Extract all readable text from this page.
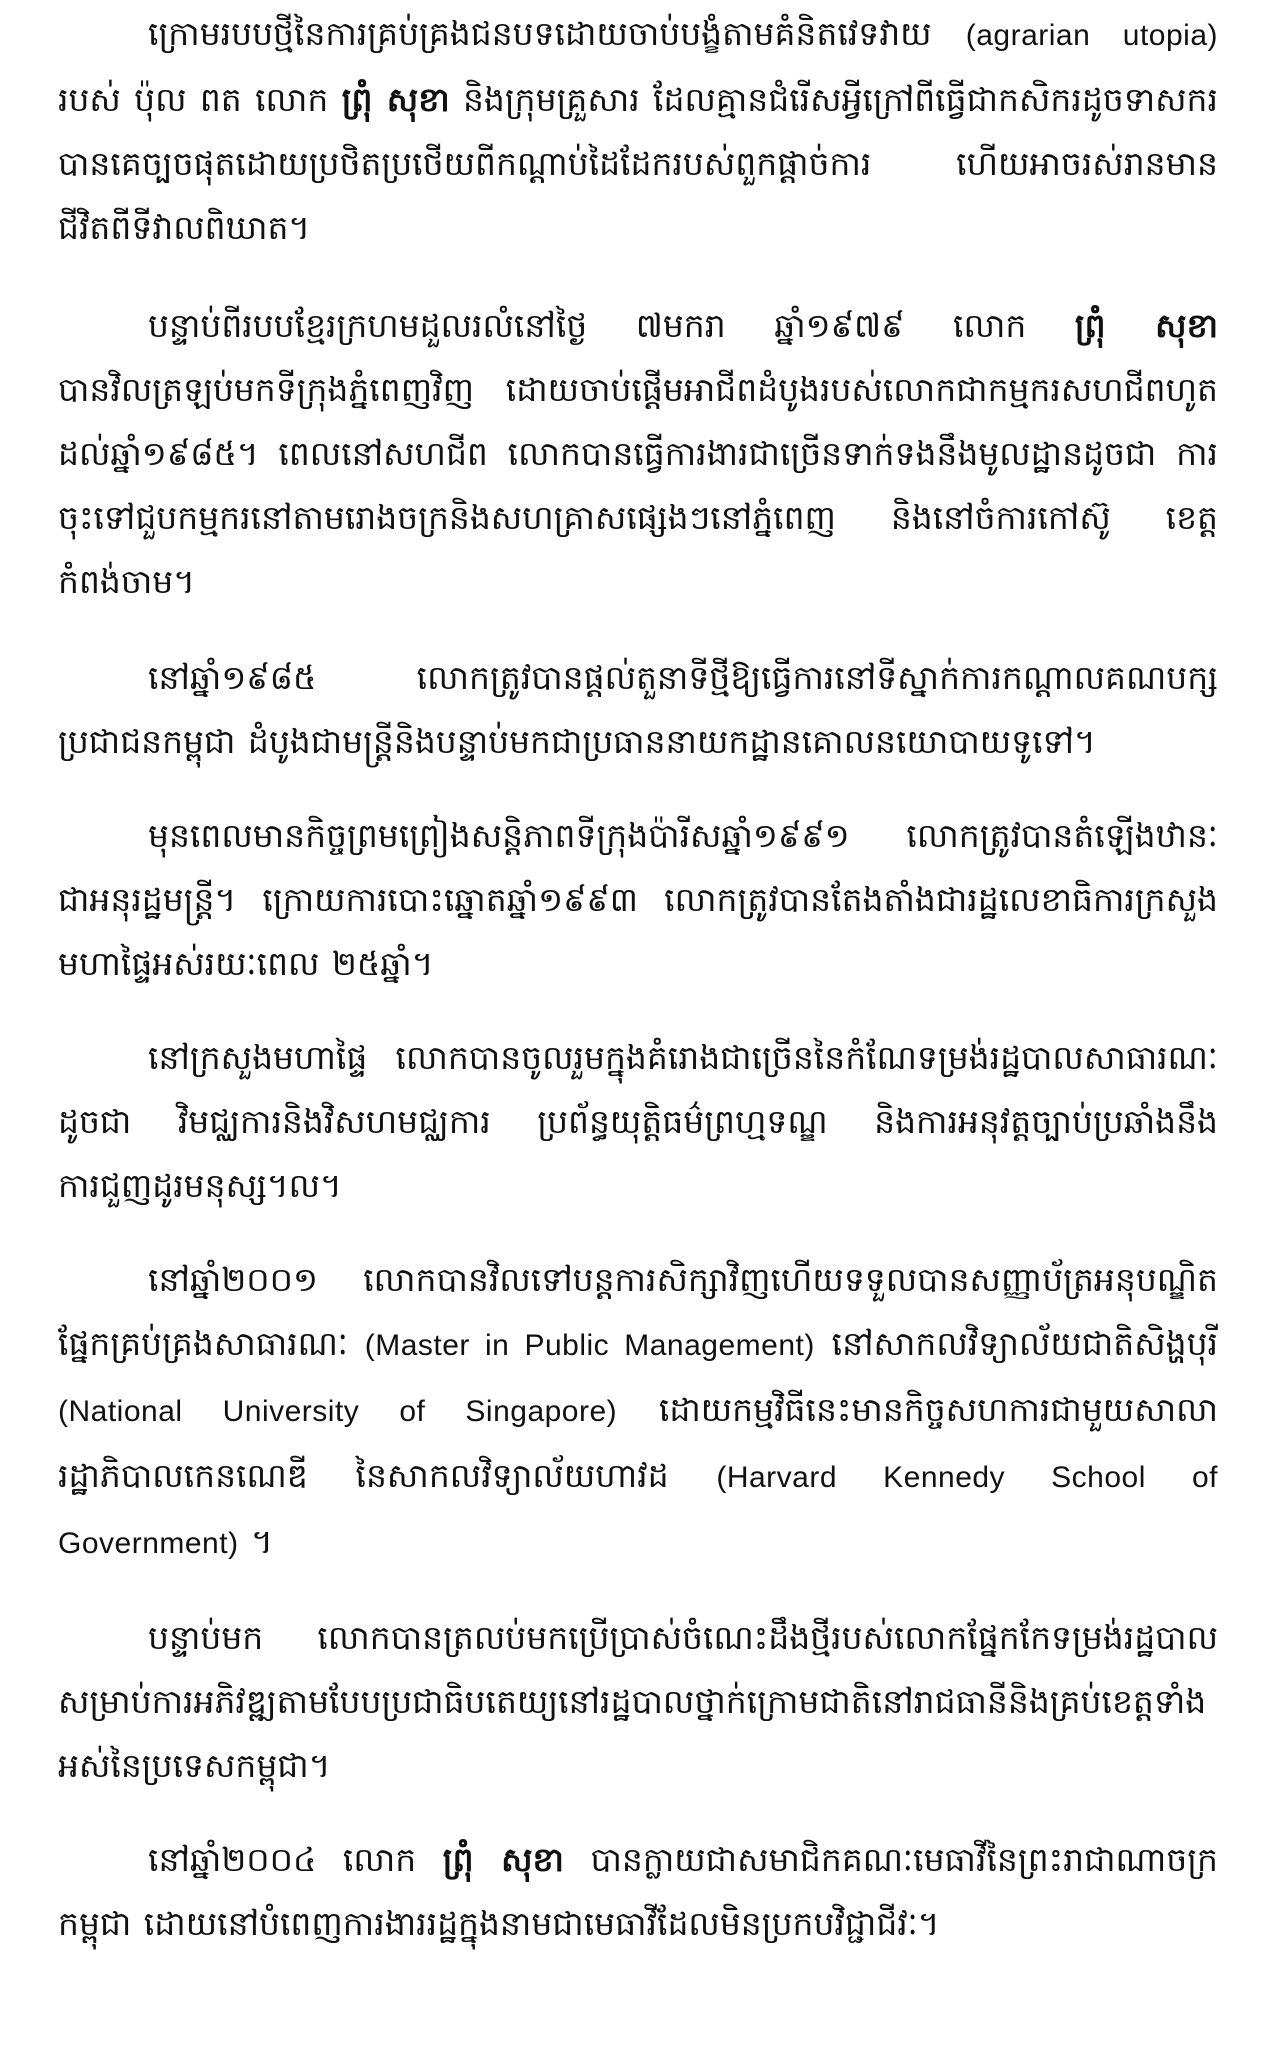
ក្រោមរបបថ្មីនៃការគ្រប់គ្រងជនបទដោយចាប់បង្ខំតាមគំនិតវេទវាយ (agrarian utopia) របស់ ប៉ុល ពត លោក ព្រុំ សុខា និងក្រុមគ្រួសារ ដែលគ្មានជំរើសអ្វីក្រៅពីធ្វើជាកសិករដូចទាសករ បានគេច្បចផុតដោយប្រថិតប្រថើយពីកណ្ដាប់ដៃដែករបស់ពួកផ្ដាច់ការ ហើយអាចរស់រានមានជីវិតពីទីវាលពិឃាត។

បន្ទាប់ពីរបបខ្មែរក្រហមដួលរលំនៅថ្ងៃ ៧មករា ឆ្នាំ១៩៧៩ លោក ព្រុំ សុខា បានវិលត្រឡប់មកទីក្រុងភ្នំពេញវិញ ដោយចាប់ផ្ដើមអាជីពដំបូងរបស់លោកជាកម្មករសហជីពហូតដល់ឆ្នាំ១៩៨៥។ ពេលនៅសហជីព លោកបានធ្វើការងារជាច្រើនទាក់ទងនឹងមូលដ្ឋានដូចជា ការចុះទៅជួបកម្មករនៅតាមរោងចក្រនិងសហគ្រាសផ្សេងៗនៅភ្នំពេញ និងនៅចំការកៅស៊ូ ខេត្តកំពង់ចាម។

នៅឆ្នាំ១៩៨៥ លោកត្រូវបានផ្ដល់តួនាទីថ្មីឱ្យធ្វើការនៅទីស្នាក់ការកណ្ដាលគណបក្សប្រជាជនកម្ពុជា ដំបូងជាមន្ត្រីនិងបន្ទាប់មកជាប្រធាននាយកដ្ឋានគោលនយោបាយទូទៅ។

មុនពេលមានកិច្ចព្រមព្រៀងសន្តិភាពទីក្រុងប៉ារីសឆ្នាំ១៩៩១ លោកត្រូវបានតំឡើងឋានៈជាអនុរដ្ឋមន្ត្រី។ ក្រោយការបោះឆ្នោតឆ្នាំ១៩៩៣ លោកត្រូវបានតែងតាំងជារដ្ឋលេខាធិការក្រសួងមហាផ្ទៃអស់រយៈពេល ២៥ឆ្នាំ។

នៅក្រសួងមហាផ្ទៃ លោកបានចូលរួមក្នុងគំរោងជាច្រើននៃកំណែទម្រង់រដ្ឋបាលសាធារណៈដូចជា វិមជ្ឈការនិងវិសហមជ្ឈការ ប្រព័ន្ធយុត្តិធម៌ព្រហ្មទណ្ឌ និងការអនុវត្តច្បាប់ប្រឆាំងនឹងការជួញដូរមនុស្ស។ល។

នៅឆ្នាំ២០០១ លោកបានវិលទៅបន្តការសិក្សាវិញហើយទទួលបានសញ្ញាប័ត្រអនុបណ្ឌិតផ្នែកគ្រប់គ្រងសាធារណៈ (Master in Public Management) នៅសាកលវិទ្យាល័យជាតិសិង្ហបុរី (National University of Singapore) ដោយកម្មវិធីនេះមានកិច្ចសហការជាមួយសាលារដ្ឋាភិបាលកេនណេឌី នៃសាកលវិទ្យាល័យហាវដ (Harvard Kennedy School of Government) ។

បន្ទាប់មក លោកបានត្រលប់មកប្រើប្រាស់ចំណេះដឹងថ្មីរបស់លោកផ្នែកកែទម្រង់រដ្ឋបាល សម្រាប់ការអភិវឌ្ឍតាមបែបប្រជាធិបតេយ្យនៅរដ្ឋបាលថ្នាក់ក្រោមជាតិនៅរាជធានីនិងគ្រប់ខេត្តទាំងអស់នៃប្រទេសកម្ពុជា។

នៅឆ្នាំ២០០៤ លោក ព្រុំ សុខា បានក្លាយជាសមាជិកគណៈមេធាវីនៃព្រះរាជាណាចក្រកម្ពុជា ដោយនៅបំពេញការងាររដ្ឋក្នុងនាមជាមេធាវីដែលមិនប្រកបវិជ្ជាជីវៈ។
